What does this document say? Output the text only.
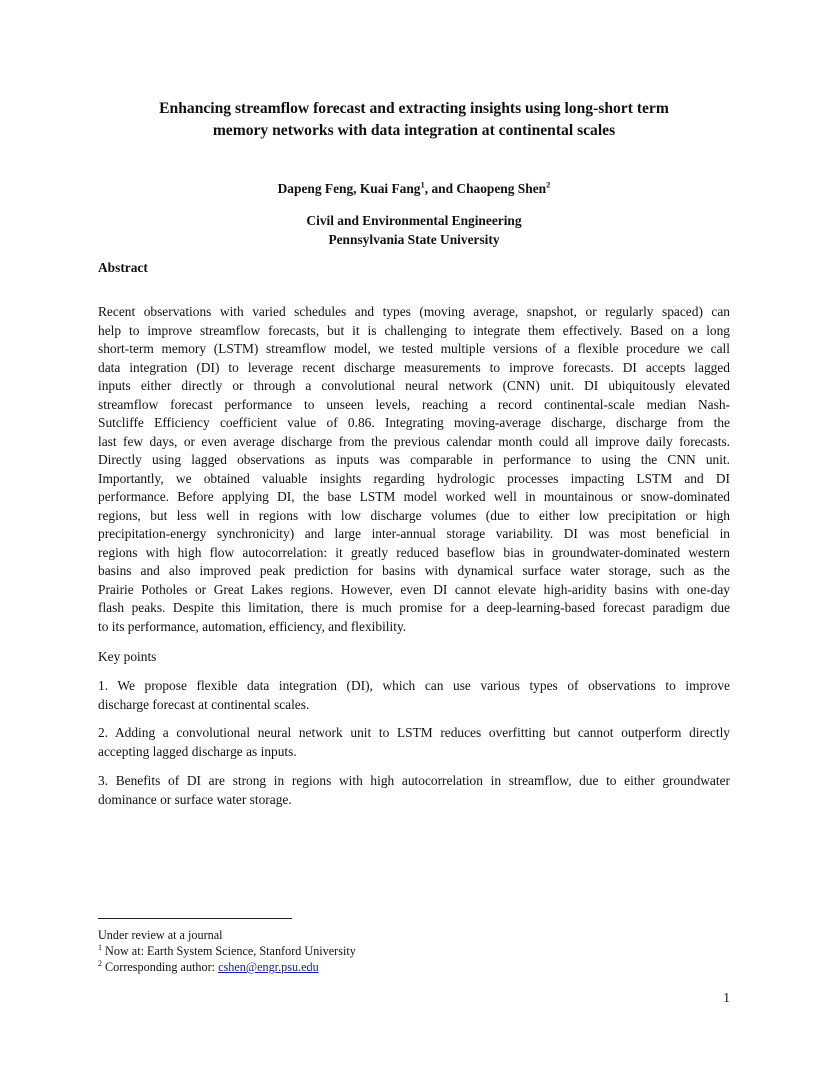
Enhancing streamflow forecast and extracting insights using long-short term
memory networks with data integration at continental scales
Dapeng Feng, Kuai Fang$^1$, and Chaopeng Shen$^2$
Civil and Environmental Engineering
Pennsylvania State University
Abstract
Recent observations with varied schedules and types (moving average, snapshot, or regularly spaced) can
help to improve streamflow forecasts, but it is challenging to integrate them effectively. Based on a long
short-term memory (LSTM) streamflow model, we tested multiple versions of a flexible procedure we call
data integration (DI) to leverage recent discharge measurements to improve forecasts. DI accepts lagged
inputs either directly or through a convolutional neural network (CNN) unit. DI ubiquitously elevated
streamflow forecast performance to unseen levels, reaching a record continental-scale median Nash-
Sutcliffe Efficiency coefficient value of 0.86. Integrating moving-average discharge, discharge from the
last few days, or even average discharge from the previous calendar month could all improve daily forecasts.
Directly using lagged observations as inputs was comparable in performance to using the CNN unit.
Importantly, we obtained valuable insights regarding hydrologic processes impacting LSTM and DI
performance. Before applying DI, the base LSTM model worked well in mountainous or snow-dominated
regions, but less well in regions with low discharge volumes (due to either low precipitation or high
precipitation-energy synchronicity) and large inter-annual storage variability. DI was most beneficial in
regions with high flow autocorrelation: it greatly reduced baseflow bias in groundwater-dominated western
basins and also improved peak prediction for basins with dynamical surface water storage, such as the
Prairie Potholes or Great Lakes regions. However, even DI cannot elevate high-aridity basins with one-day
flash peaks. Despite this limitation, there is much promise for a deep-learning-based forecast paradigm due
to its performance, automation, efficiency, and flexibility.
Key points
1. We propose flexible data integration (DI), which can use various types of observations to improve
discharge forecast at continental scales.
2. Adding a convolutional neural network unit to LSTM reduces overfitting but cannot outperform directly
accepting lagged discharge as inputs.
3. Benefits of DI are strong in regions with high autocorrelation in streamflow, due to either groundwater
dominance or surface water storage.
Under review at a journal
$^1$ Now at: Earth System Science, Stanford University
$^2$ Corresponding author: cshen@engr.psu.edu
1
